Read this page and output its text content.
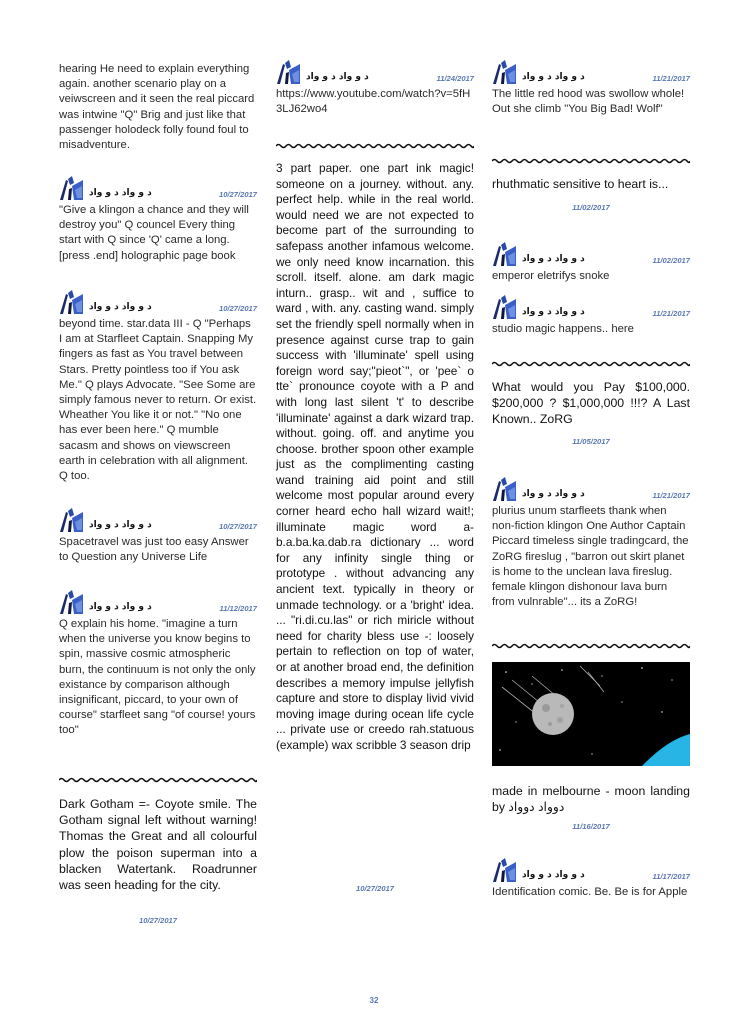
hearing He need to explain everything again. another scenario play on a veiwscreen and it seen the real piccard was intwine "Q" Brig and just like that passenger holodeck folly found foul to misadventure.

د و واد د و واد	10/27/2017

"Give a klingon a chance and they will destroy you" Q councel Every thing start with Q since 'Q' came a long. [press .end] holographic page book

د و واد د و واد	10/27/2017

beyond time. star.data III - Q "Perhaps I am at Starfleet Captain. Snapping My fingers as fast as You travel between Stars. Pretty pointless too if You ask Me." Q plays Advocate. "See Some are simply famous never to return. Or exist. Wheather You like it or not." "No one has ever been here." Q mumble sacasm and shows on viewscreen earth in celebration with all alignment. Q too.

د و واد د و واد	10/27/2017

Spacetravel was just too easy Answer to Question any Universe Life

د و واد د و واد	11/12/2017

Q explain his home. "imagine a turn when the universe you know begins to spin, massive cosmic atmospheric burn, the continuum is not only the only existance by comparison although insignificant, piccard, to your own of course" starfleet sang "of course! yours too"

Dark Gotham =- Coyote smile. The Gotham signal left without warning! Thomas the Great and all colourful plow the poison superman into a blacken Watertank. Roadrunner was seen heading for the city.

10/27/2017
د و واد د و واد	11/24/2017

https://www.youtube.com/watch?v=5fH3LJ62wo4

3 part paper. one part ink magic! someone on a journey. without. any. perfect help. while in the real world. would need we are not expected to become part of the surrounding to safepass another infamous welcome. we only need know incarnation. this scroll. itself. alone. am dark magic inturn.. grasp.. wit and , suffice to ward , with. any. casting wand. simply set the friendly spell normally when in presence against curse trap to gain success with 'illuminate' spell using foreign word say;"pieot`", or 'pee` o tte` pronounce coyote with a P and with long last silent 't' to describe 'illuminate' against a dark wizard trap. without. going. off. and anytime you choose. brother spoon other example just as the complimenting casting wand training aid point and still welcome most popular around every corner heard echo hall wizard wait!; illuminate magic word a-b.a.ba.ka.dab.ra dictionary ... word for any infinity single thing or prototype . without advancing any ancient text. typically in theory or unmade technology. or a 'bright' idea. ... "ri.di.cu.las" or rich miricle without need for charity bless use -: loosely pertain to reflection on top of water, or at another broad end, the definition describes a memory impulse jellyfish capture and store to display livid vivid moving image during ocean life cycle ... private use or creedo rah.statuous (example) wax scribble 3 season drip

10/27/2017
د و واد د و واد	11/21/2017

The little red hood was swollow whole! Out she climb "You Big Bad! Wolf"

rhuthmatic sensitive to heart is...

11/02/2017
د و واد د و واد	11/02/2017

emperor eletrifys snoke

د و واد د و واد	11/21/2017

studio magic happens.. here

What would you Pay $100,000. $200,000 ? $1,000,000 !!!? A Last Known.. ZoRG

11/05/2017
د و واد د و واد	11/21/2017

plurius unum starfleets thank when non-fiction klingon One Author Captain Piccard timeless single tradingcard, the ZoRG fireslug , "barron out skirt planet is home to the unclean lava fireslug. female klingon dishonour lava burn from vulnrable"... its a ZoRG!

made in melbourne - moon landing by دوواد دوواد

11/16/2017
د و واد د و واد	11/17/2017

Identification comic. Be. Be is for Apple

32
